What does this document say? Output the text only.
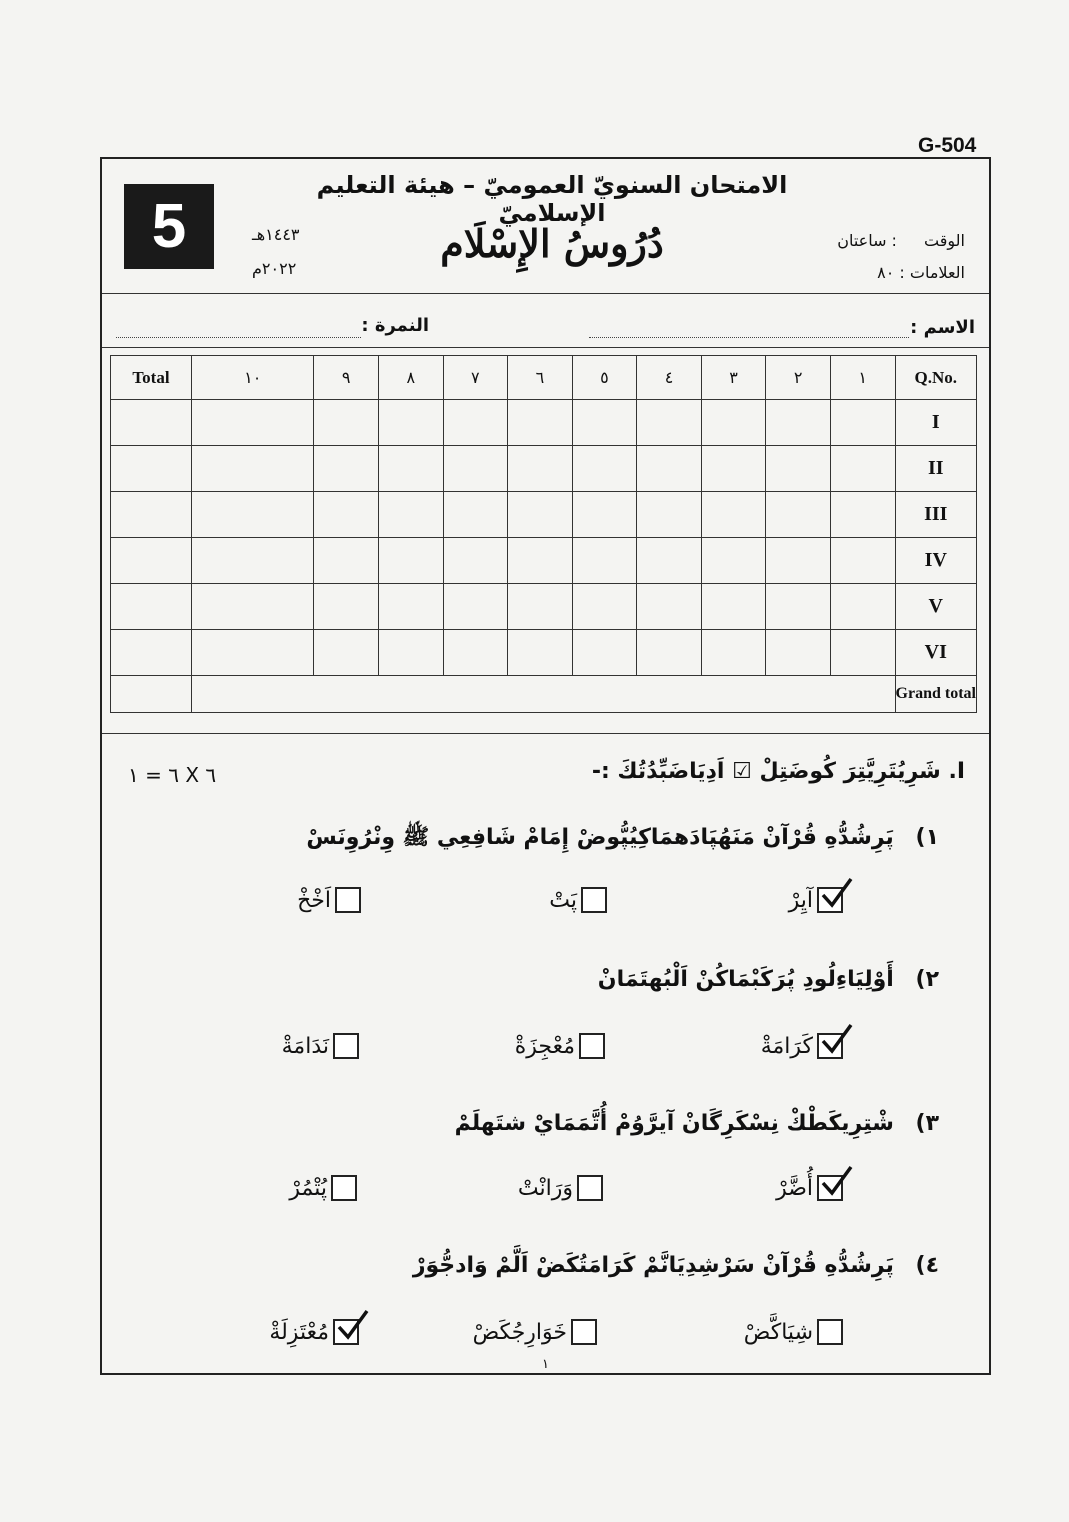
G-504
5
الامتحان السنويّ العموميّ – هيئة التعليم الإسلاميّ
دُرُوسُ الإِسْلَام
١٤٤٣هـ
٢٠٢٢م
الوقت : ساعتان
العلامات : ٨٠
الاسم :
النمرة :
Total	١٠	٩	٨	٧	٦	٥	٤	٣	٢	١	Q.No.
											I
											II
											III
											IV
											V
											VI
											Grand total
I. شَرِيُتَرِيَّتِرَ كُوضَتِلْ ☑ اَدِيَاضَبِّدُتُكَ :-
٦ = ١ X ٦
١) پَرِشُدُّهِ قُرْآنْ مَنَهُپَادَهمَاكِيُپُّوضْ إِمَامْ شَافِعِي ﷺ وِنْرُوِنَسْ
آيِرْ
پَتْ
اَخْخْ
٢) أَوْلِيَاءِلُودِ پُرَكَبْمَاكُنْ اَلْبُهتَمَانْ
كَرَامَةْ
مُعْجِزَةْ
نَدَامَةْ
٣) شْتِرِيكَطْكْ نِسْكَرِگَانْ آيرَّوُمْ أُتَّمَمَايْ شتَهلَمْ
أُضَّرْ
وَرَانْتْ
پُتْمُرْ
٤) پَرِشُدُّهِ قُرْآنْ سَرْشِدِيَانَّمْ كَرَامَتُكَضْ اَلَّمْ وَادجُّوَرْ
شِيَاكَّضْ
خَوَارِجُكَضْ
مُعْتَزِلَةْ
١
